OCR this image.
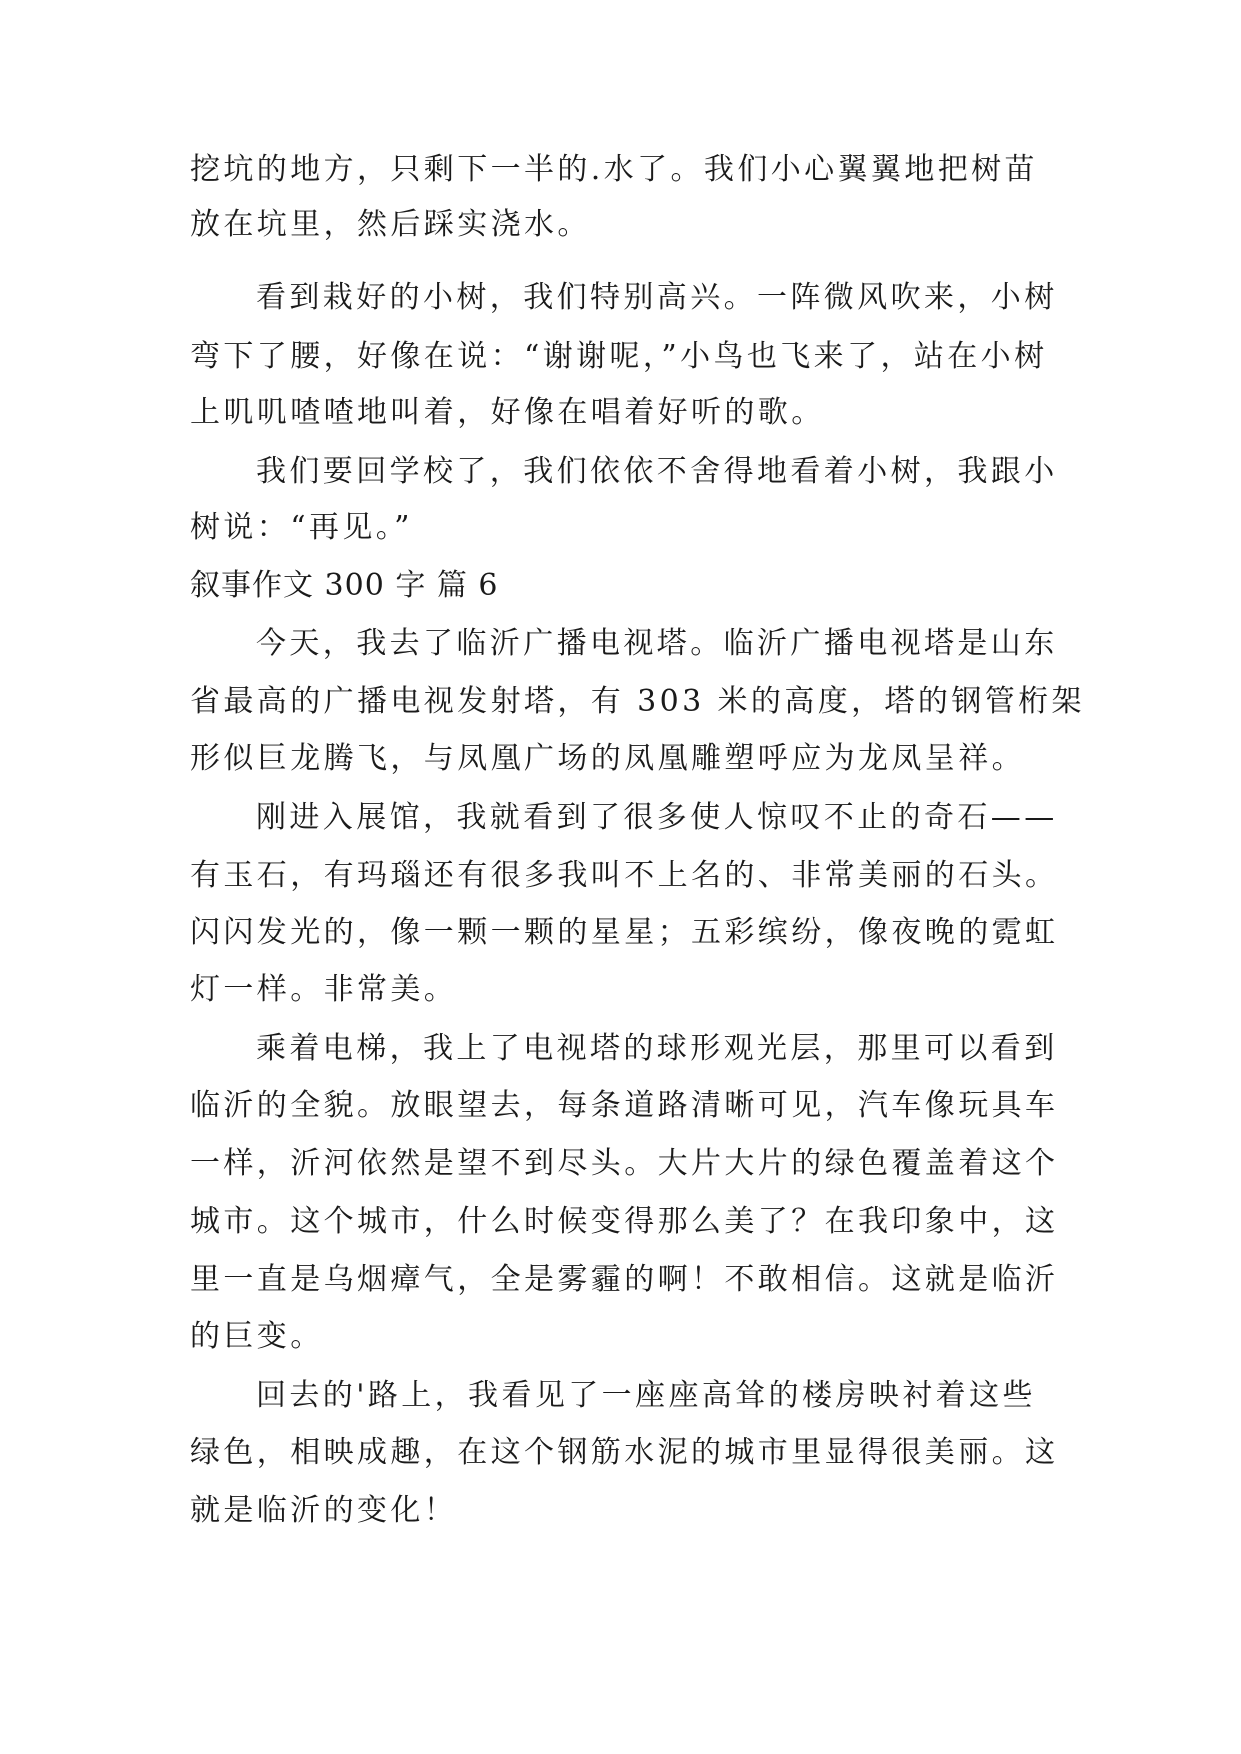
挖坑的地方，只剩下一半的.水了。我们小心翼翼地把树苗
放在坑里，然后踩实浇水。
看到栽好的小树，我们特别高兴。一阵微风吹来，小树
弯下了腰，好像在说：“谢谢呢，”小鸟也飞来了，站在小树
上叽叽喳喳地叫着，好像在唱着好听的歌。
我们要回学校了，我们依依不舍得地看着小树，我跟小
树说：“再见。”
叙事作文 300 字 篇 6
今天，我去了临沂广播电视塔。临沂广播电视塔是山东
省最高的广播电视发射塔，有 303 米的高度，塔的钢管桁架
形似巨龙腾飞，与凤凰广场的凤凰雕塑呼应为龙凤呈祥。
刚进入展馆，我就看到了很多使人惊叹不止的奇石——
有玉石，有玛瑙还有很多我叫不上名的、非常美丽的石头。
闪闪发光的，像一颗一颗的星星；五彩缤纷，像夜晚的霓虹
灯一样。非常美。
乘着电梯，我上了电视塔的球形观光层，那里可以看到
临沂的全貌。放眼望去，每条道路清晰可见，汽车像玩具车
一样，沂河依然是望不到尽头。大片大片的绿色覆盖着这个
城市。这个城市，什么时候变得那么美了？在我印象中，这
里一直是乌烟瘴气，全是雾霾的啊！不敢相信。这就是临沂
的巨变。
回去的'路上，我看见了一座座高耸的楼房映衬着这些
绿色，相映成趣，在这个钢筋水泥的城市里显得很美丽。这
就是临沂的变化！
